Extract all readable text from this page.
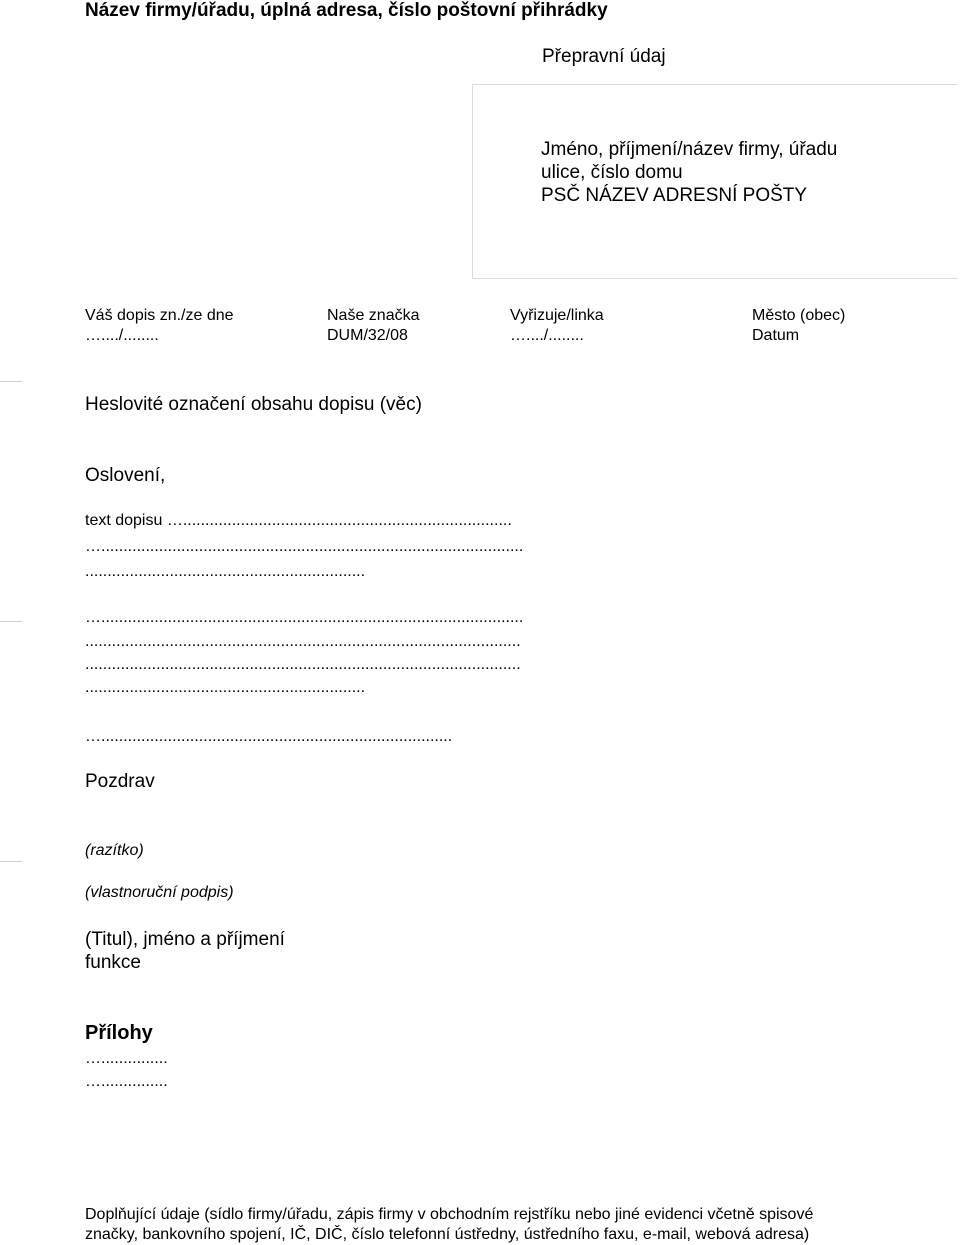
Název firmy/úřadu, úplná adresa, číslo poštovní přihrádky
Přepravní údaj
Jméno, příjmení/název firmy, úřadu
ulice, číslo domu
PSČ NÁZEV ADRESNÍ POŠTY
Váš dopis zn./ze dne
…..../........
Naše značka
DUM/32/08
Vyřizuje/linka
…..../........
Město (obec)
Datum
Heslovité označení obsahu dopisu (věc)
Oslovení,
text dopisu …..........................................................................
…...............................................................................................
...............................................................
…...............................................................................................
..................................................................................................
..................................................................................................
...............................................................
…...............................................................................
Pozdrav
(razítko)
(vlastnoruční podpis)
(Titul), jméno a příjmení
funkce
Přílohy
…...............
…...............
Doplňující údaje (sídlo firmy/úřadu, zápis firmy v obchodním rejstříku nebo jiné evidenci včetně spisové
značky, bankovního spojení, IČ, DIČ, číslo telefonní ústředny, ústředního faxu, e-mail, webová adresa)
